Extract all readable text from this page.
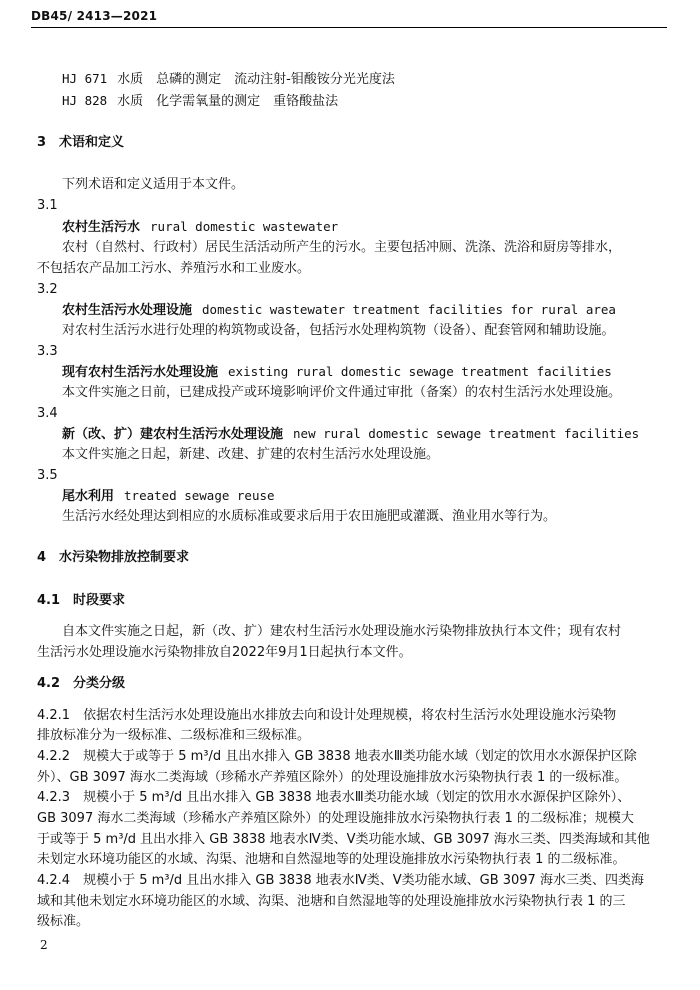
DB45/ 2413—2021
HJ 671 水质　总磷的测定　流动注射-钼酸铵分光光度法
HJ 828 水质　化学需氧量的测定　重铬酸盐法
3　术语和定义
下列术语和定义适用于本文件。
3.1
农村生活污水 rural domestic wastewater
农村（自然村、行政村）居民生活活动所产生的污水。主要包括冲厕、洗涤、洗浴和厨房等排水，
不包括农产品加工污水、养殖污水和工业废水。
3.2
农村生活污水处理设施 domestic wastewater treatment facilities for rural area
对农村生活污水进行处理的构筑物或设备，包括污水处理构筑物（设备）、配套管网和辅助设施。
3.3
现有农村生活污水处理设施 existing rural domestic sewage treatment facilities
本文件实施之日前，已建成投产或环境影响评价文件通过审批（备案）的农村生活污水处理设施。
3.4
新（改、扩）建农村生活污水处理设施 new rural domestic sewage treatment facilities
本文件实施之日起，新建、改建、扩建的农村生活污水处理设施。
3.5
尾水利用 treated sewage reuse
生活污水经处理达到相应的水质标准或要求后用于农田施肥或灌溉、渔业用水等行为。
4　水污染物排放控制要求
4.1　时段要求
自本文件实施之日起，新（改、扩）建农村生活污水处理设施水污染物排放执行本文件；现有农村
生活污水处理设施水污染物排放自2022年9月1日起执行本文件。
4.2　分类分级
4.2.1　依据农村生活污水处理设施出水排放去向和设计处理规模，将农村生活污水处理设施水污染物
排放标准分为一级标准、二级标准和三级标准。
4.2.2　规模大于或等于 5 m³/d 且出水排入 GB 3838 地表水Ⅲ类功能水域（划定的饮用水水源保护区除
外）、GB 3097 海水二类海域（珍稀水产养殖区除外）的处理设施排放水污染物执行表 1 的一级标准。
4.2.3　规模小于 5 m³/d 且出水排入 GB 3838 地表水Ⅲ类功能水域（划定的饮用水水源保护区除外）、
GB 3097 海水二类海域（珍稀水产养殖区除外）的处理设施排放水污染物执行表 1 的二级标准；规模大
于或等于 5 m³/d 且出水排入 GB 3838 地表水Ⅳ类、Ⅴ类功能水域、GB 3097 海水三类、四类海域和其他
未划定水环境功能区的水域、沟渠、池塘和自然湿地等的处理设施排放水污染物执行表 1 的二级标准。
4.2.4　规模小于 5 m³/d 且出水排入 GB 3838 地表水Ⅳ类、Ⅴ类功能水域、GB 3097 海水三类、四类海
域和其他未划定水环境功能区的水域、沟渠、池塘和自然湿地等的处理设施排放水污染物执行表 1 的三
级标准。
2
